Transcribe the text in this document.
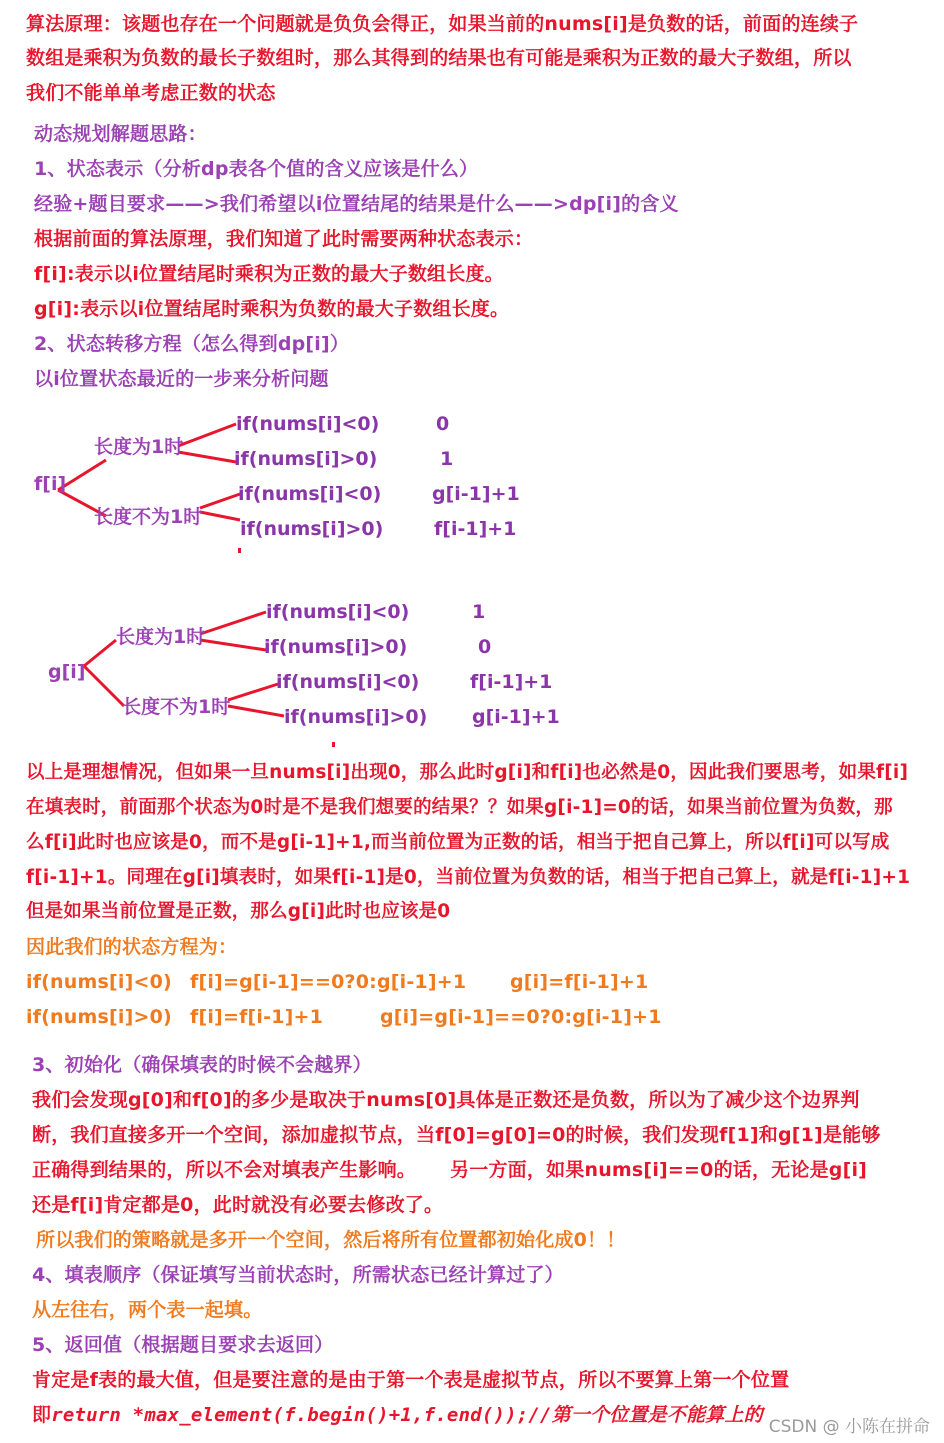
算法原理：该题也存在一个问题就是负负会得正，如果当前的nums[i]是负数的话，前面的连续子

数组是乘积为负数的最长子数组时，那么其得到的结果也有可能是乘积为正数的最大子数组，所以

我们不能单单考虑正数的状态

动态规划解题思路：

1、状态表示（分析dp表各个值的含义应该是什么）

经验+题目要求——>我们希望以i位置结尾的结果是什么——>dp[i]的含义

根据前面的算法原理，我们知道了此时需要两种状态表示：

f[i]:表示以i位置结尾时乘积为正数的最大子数组长度。

g[i]:表示以i位置结尾时乘积为负数的最大子数组长度。

2、状态转移方程（怎么得到dp[i]）

以i位置状态最近的一步来分析问题

f[i]
长度为1时
长度不为1时
if(nums[i]<0)	0
if(nums[i]>0)	1
if(nums[i]<0)	g[i-1]+1
if(nums[i]>0)	f[i-1]+1
g[i]
长度为1时
长度不为1时
if(nums[i]<0)	1
if(nums[i]>0)	0
if(nums[i]<0)	f[i-1]+1
if(nums[i]>0) g[i-1]+1

以上是理想情况，但如果一旦nums[i]出现0，那么此时g[i]和f[i]也必然是0，因此我们要思考，如果f[i]

在填表时，前面那个状态为0时是不是我们想要的结果？？如果g[i-1]=0的话，如果当前位置为负数，那

么f[i]此时也应该是0，而不是g[i-1]+1,而当前位置为正数的话，相当于把自己算上，所以f[i]可以写成

f[i-1]+1。同理在g[i]填表时，如果f[i-1]是0，当前位置为负数的话，相当于把自己算上，就是f[i-1]+1

但是如果当前位置是正数，那么g[i]此时也应该是0

因此我们的状态方程为：

if(nums[i]<0) f[i]=g[i-1]==0?0:g[i-1]+1 g[i]=f[i-1]+1

if(nums[i]>0) f[i]=f[i-1]+1	g[i]=g[i-1]==0?0:g[i-1]+1

3、初始化（确保填表的时候不会越界）

我们会发现g[0]和f[0]的多少是取决于nums[0]具体是正数还是负数，所以为了减少这个边界判

断，我们直接多开一个空间，添加虚拟节点，当f[0]=g[0]=0的时候，我们发现f[1]和g[1]是能够

正确得到结果的，所以不会对填表产生影响。     另一方面，如果nums[i]==0的话，无论是g[i]

还是f[i]肯定都是0，此时就没有必要去修改了。

所以我们的策略就是多开一个空间，然后将所有位置都初始化成0！！

4、填表顺序（保证填写当前状态时，所需状态已经计算过了）

从左往右，两个表一起填。

5、返回值（根据题目要求去返回）

肯定是f表的最大值，但是要注意的是由于第一个表是虚拟节点，所以不要算上第一个位置

即return *max_element(f.begin()+1,f.end());//第一个位置是不能算上的

CSDN @ 小陈在拼命
